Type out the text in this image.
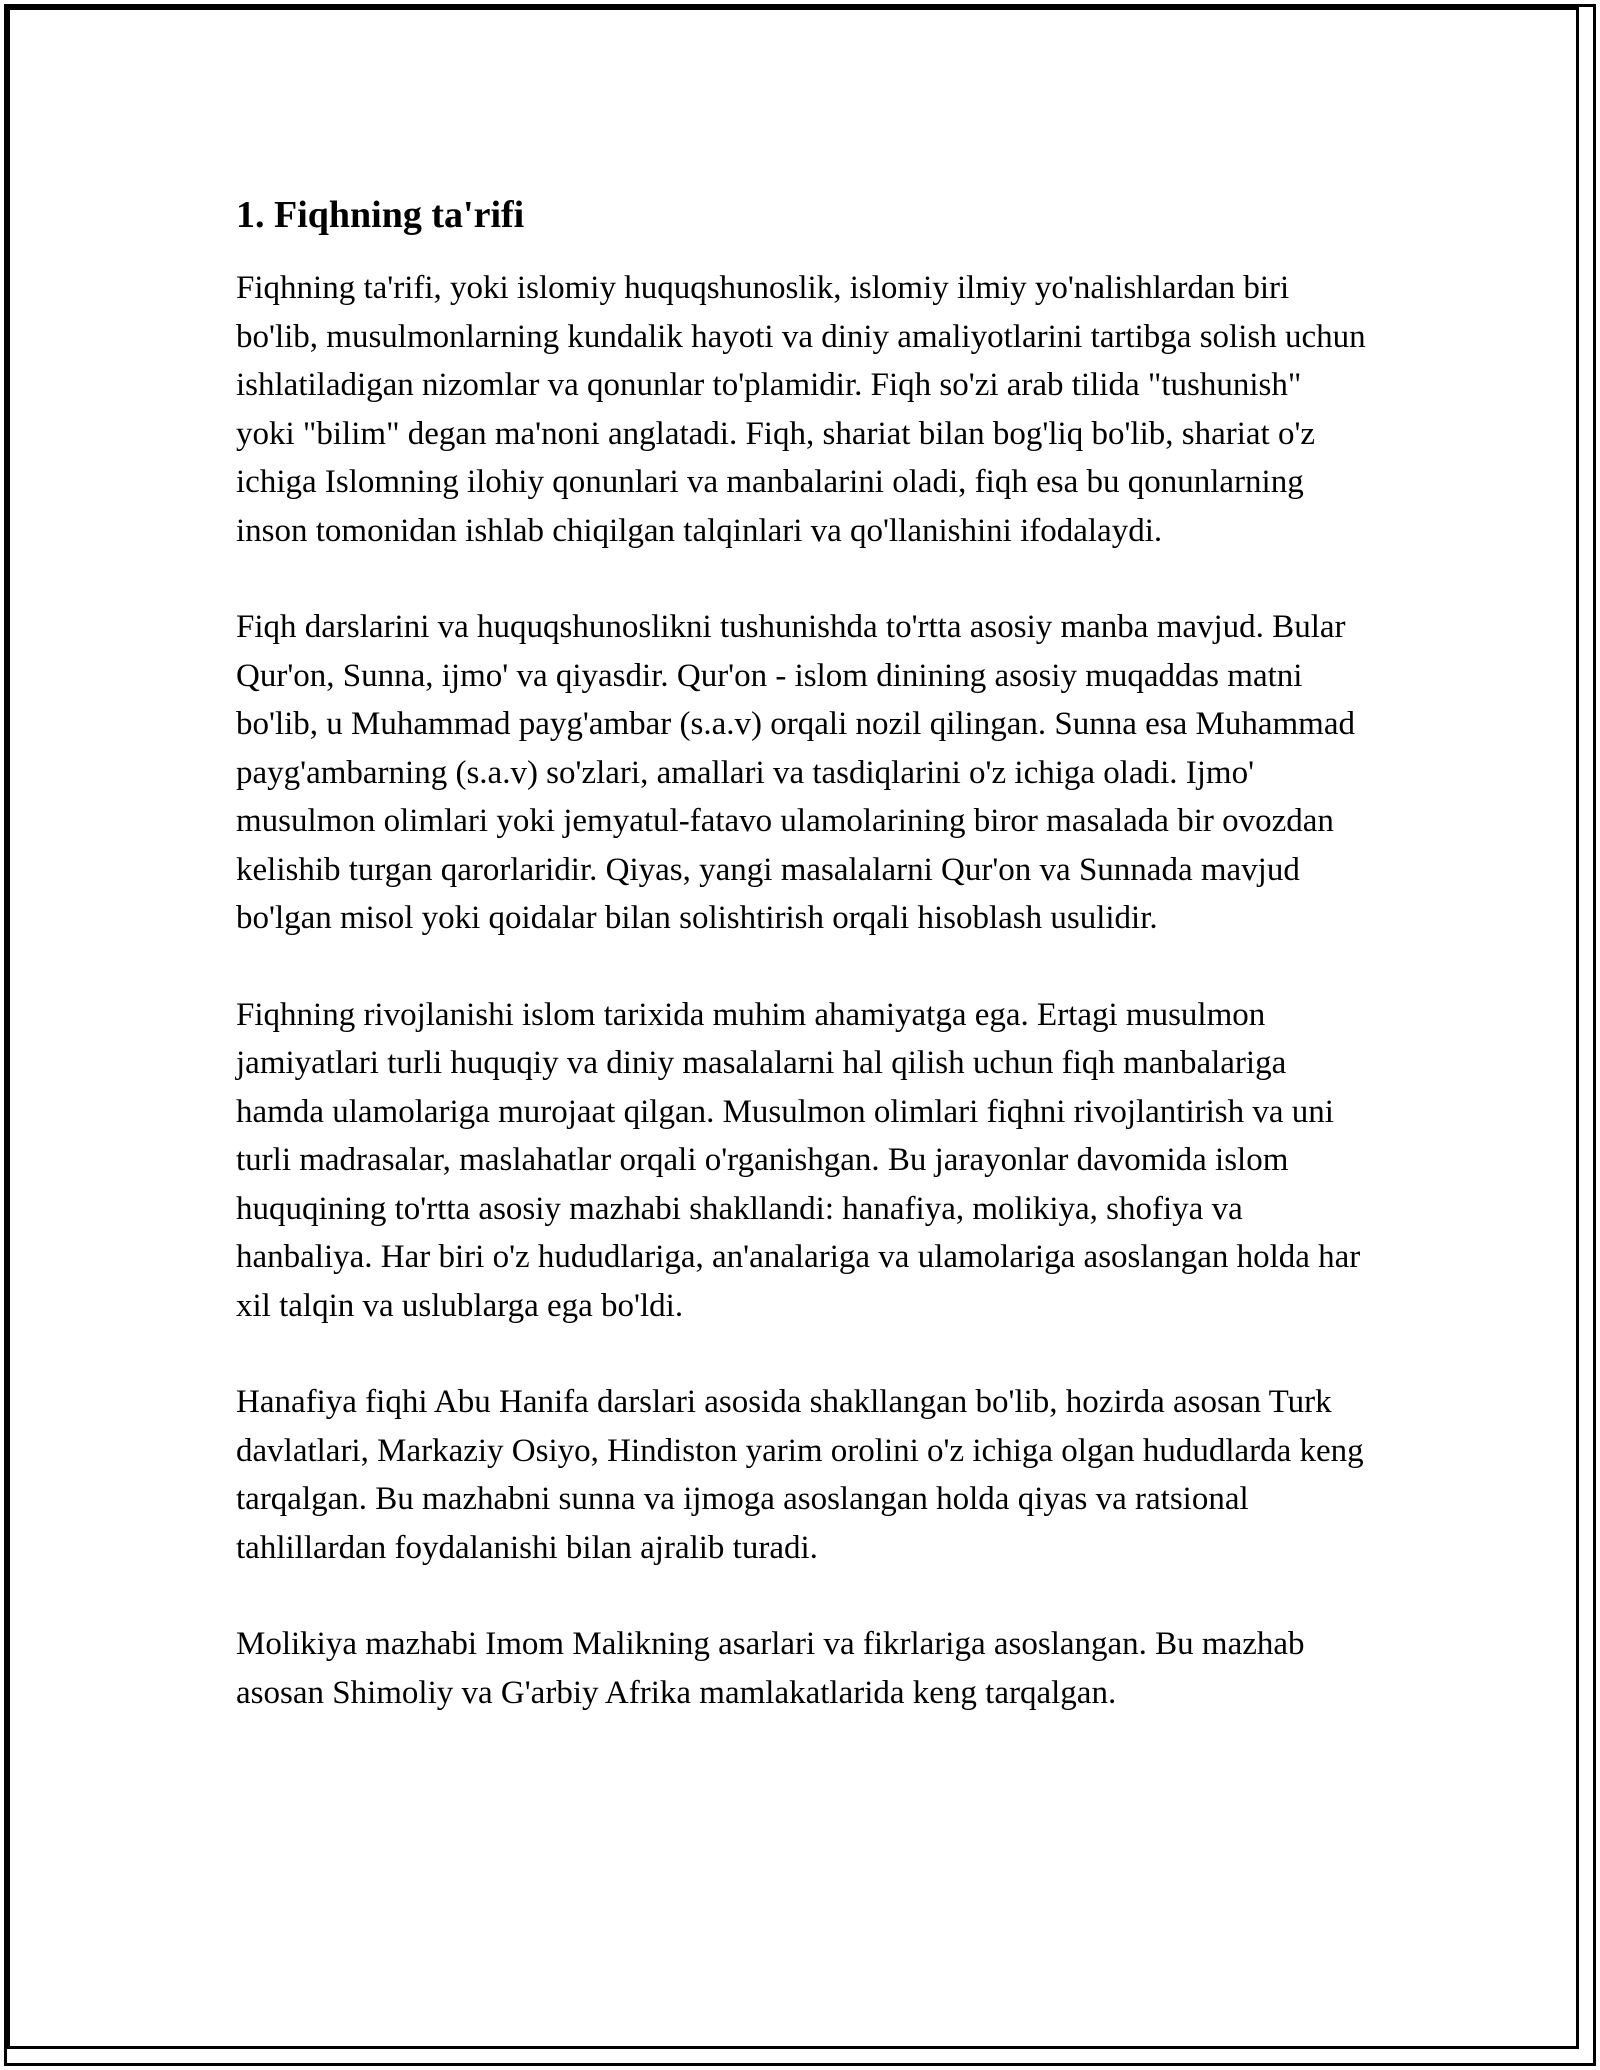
1. Fiqhning ta'rifi

Fiqhning ta'rifi, yoki islomiy huquqshunoslik, islomiy ilmiy yo'nalishlardan biri bo'lib, musulmonlarning kundalik hayoti va diniy amaliyotlarini tartibga solish uchun ishlatiladigan nizomlar va qonunlar to'plamidir. Fiqh so'zi arab tilida "tushunish" yoki "bilim" degan ma'noni anglatadi. Fiqh, shariat bilan bog'liq bo'lib, shariat o'z ichiga Islomning ilohiy qonunlari va manbalarini oladi, fiqh esa bu qonunlarning inson tomonidan ishlab chiqilgan talqinlari va qo'llanishini ifodalaydi.

Fiqh darslarini va huquqshunoslikni tushunishda to'rtta asosiy manba mavjud. Bular Qur'on, Sunna, ijmo' va qiyasdir. Qur'on - islom dinining asosiy muqaddas matni bo'lib, u Muhammad payg'ambar (s.a.v) orqali nozil qilingan. Sunna esa Muhammad payg'ambarning (s.a.v) so'zlari, amallari va tasdiqlarini o'z ichiga oladi. Ijmo' musulmon olimlari yoki jemyatul-fatavo ulamolarining biror masalada bir ovozdan kelishib turgan qarorlaridir. Qiyas, yangi masalalarni Qur'on va Sunnada mavjud bo'lgan misol yoki qoidalar bilan solishtirish orqali hisoblash usulidir.

Fiqhning rivojlanishi islom tarixida muhim ahamiyatga ega. Ertagi musulmon jamiyatlari turli huquqiy va diniy masalalarni hal qilish uchun fiqh manbalariga hamda ulamolariga murojaat qilgan. Musulmon olimlari fiqhni rivojlantirish va uni turli madrasalar, maslahatlar orqali o'rganishgan. Bu jarayonlar davomida islom huquqining to'rtta asosiy mazhabi shakllandi: hanafiya, molikiya, shofiya va hanbaliya. Har biri o'z hududlariga, an'analariga va ulamolariga asoslangan holda har xil talqin va uslublarga ega bo'ldi.

Hanafiya fiqhi Abu Hanifa darslari asosida shakllangan bo'lib, hozirda asosan Turk davlatlari, Markaziy Osiyo, Hindiston yarim orolini o'z ichiga olgan hududlarda keng tarqalgan. Bu mazhabni sunna va ijmoga asoslangan holda qiyas va ratsional tahlillardan foydalanishi bilan ajralib turadi.

Molikiya mazhabi Imom Malikning asarlari va fikrlariga asoslangan. Bu mazhab asosan Shimoliy va G'arbiy Afrika mamlakatlarida keng tarqalgan.
